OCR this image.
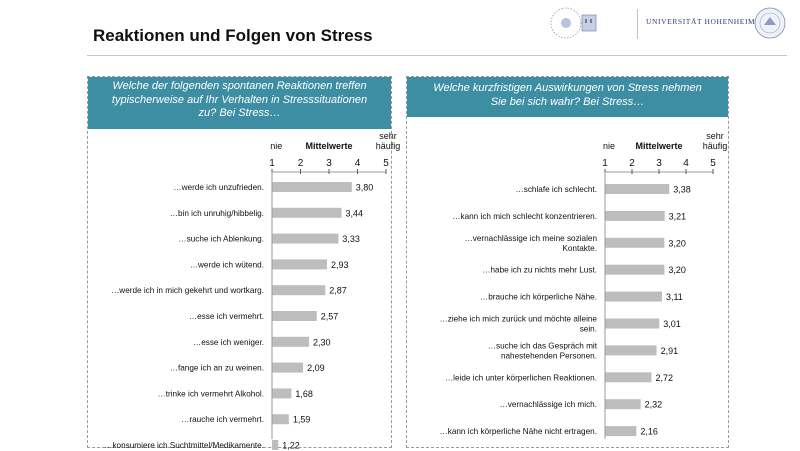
Reaktionen und Folgen von Stress
UNIVERSITÄT HOHENHEIM
Welche der folgenden spontanen Reaktionen treffen
typischerweise auf Ihr Verhalten in Stresssituationen
zu? Bei Stress…
nie	Mittelwerte
sehr
häufig
1 2 3 4 5
…werde ich unzufrieden.	3,80
…bin ich unruhig/hibbelig.	3,44
…suche ich Ablenkung.	3,33
…werde ich wütend.	2,93
…werde ich in mich gekehrt und wortkarg.	2,87
…esse ich vermehrt.	2,57
…esse ich weniger.	2,30
…fange ich an zu weinen.	2,09
…trinke ich vermehrt Alkohol.	1,68
…rauche ich vermehrt.	1,59
…konsumiere ich Suchtmittel/Medikamente. 1,22
Welche kurzfristigen Auswirkungen von Stress nehmen
Sie bei sich wahr? Bei Stress…
nie Mittelwerte
sehr
häufig
1 2 3 4 5
…schlafe ich schlecht.	3,38
…kann ich mich schlecht konzentrieren.	3,21
…vernachlässige ich meine sozialen
Kontakte.	3,20
…habe ich zu nichts mehr Lust.	3,20
…brauche ich körperliche Nähe.	3,11
…ziehe ich mich zurück und möchte alleine
sein.	3,01
…suche ich das Gespräch mit
nahestehenden Personen.	2,91
…leide ich unter körperlichen Reaktionen.	2,72
…vernachlässige ich mich.	2,32
…kann ich körperliche Nähe nicht ertragen.	2,16
